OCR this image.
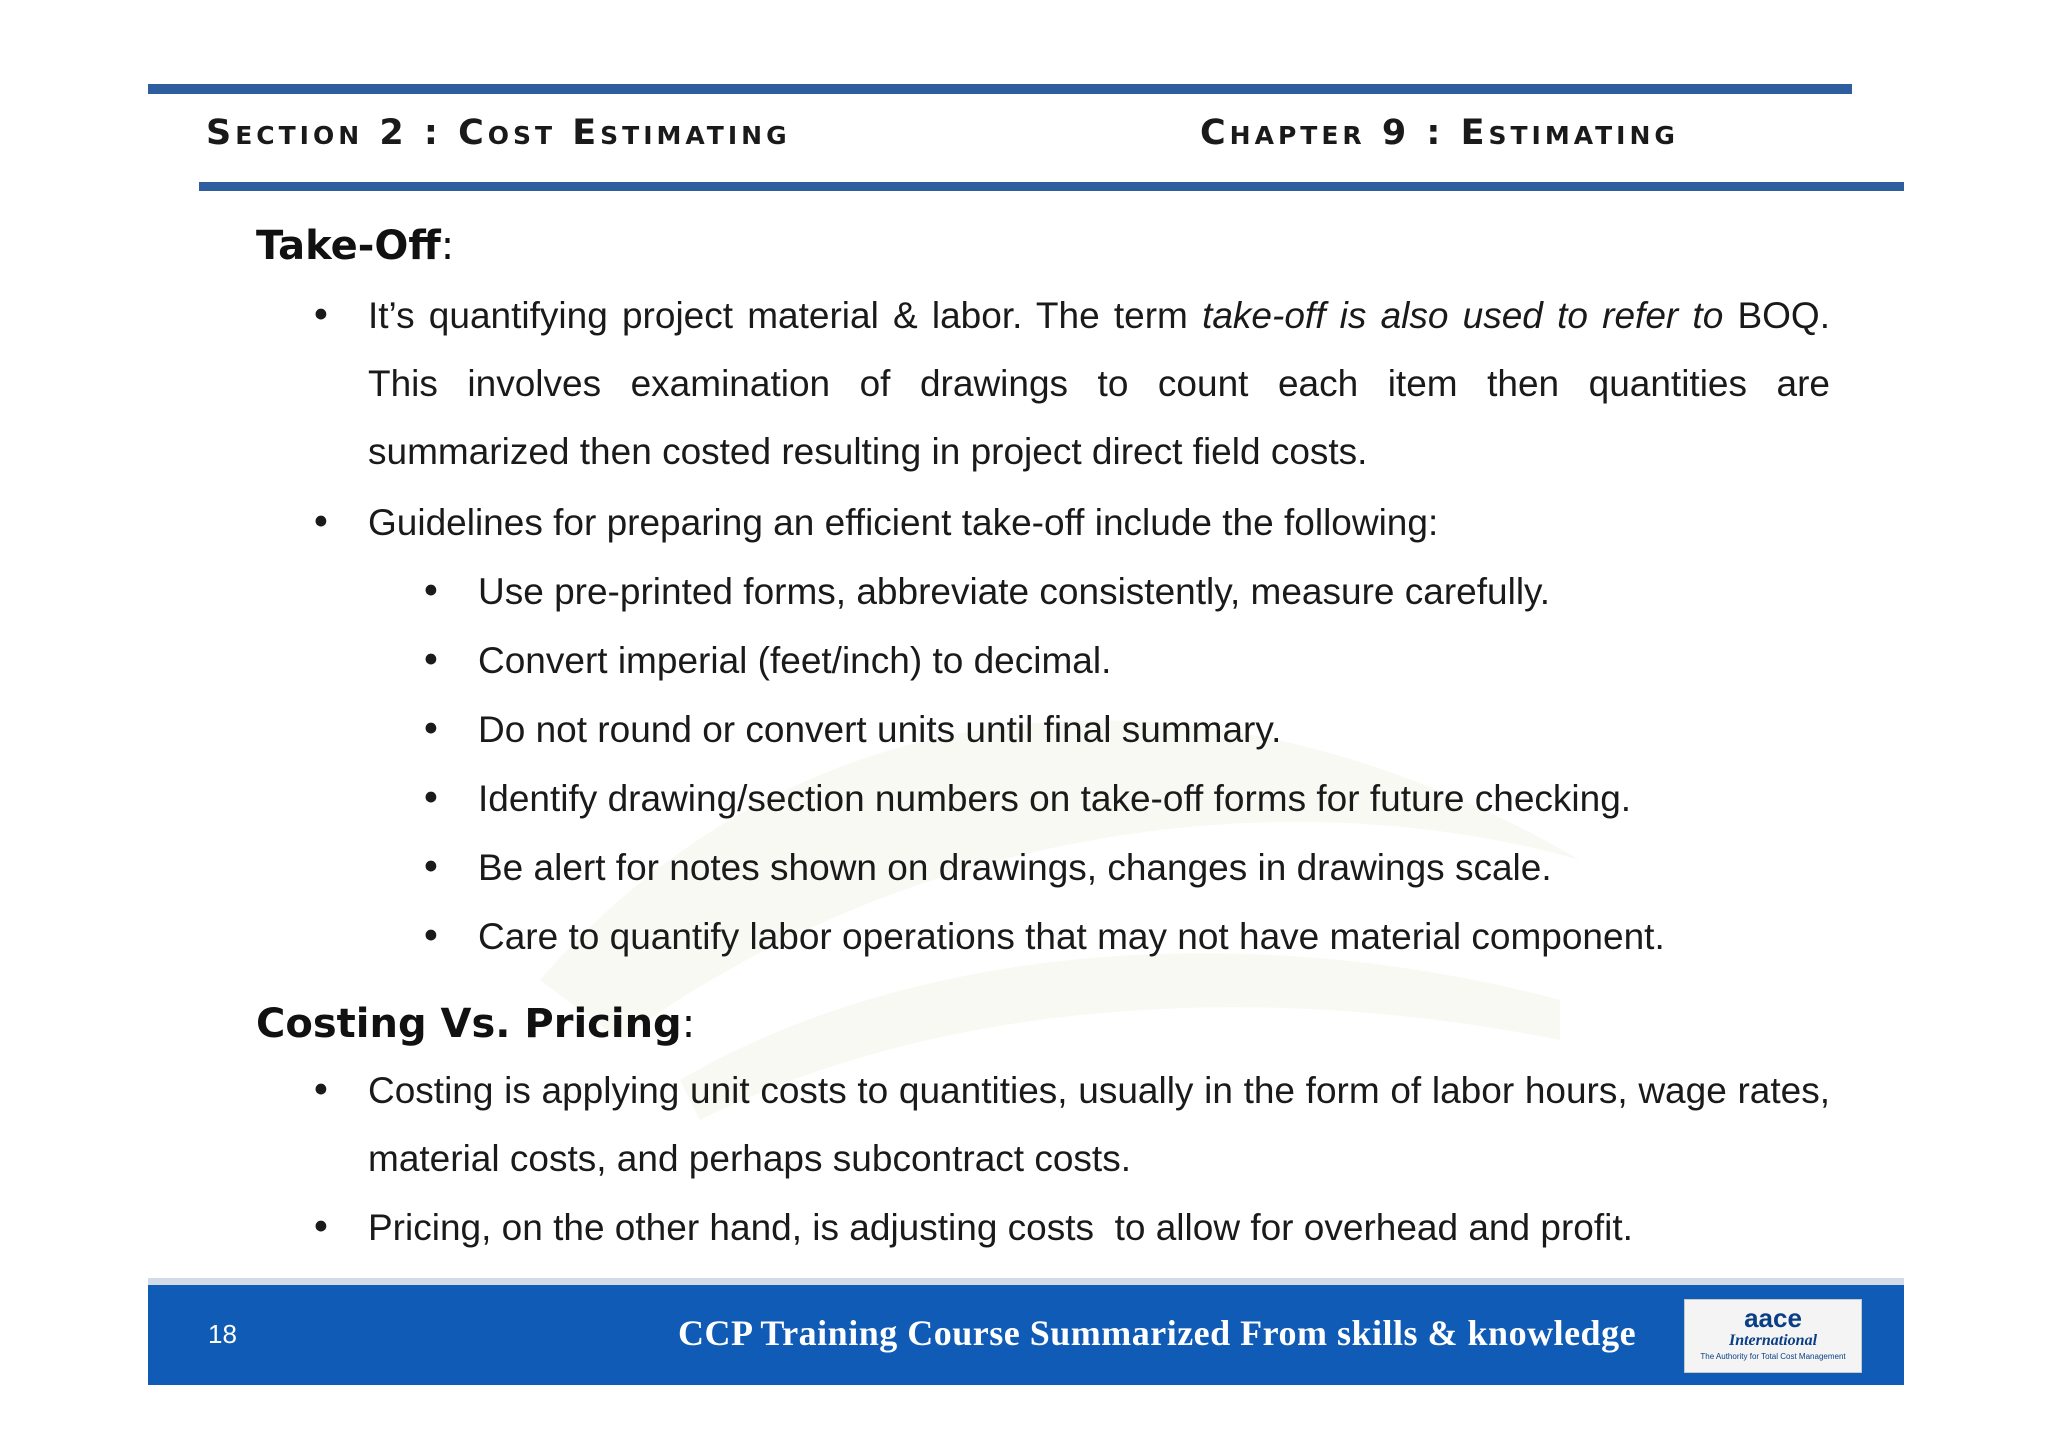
Section 2 : Cost Estimating	Chapter 9 : Estimating
Take-Off:
• It’s quantifying project material & labor. The term take-off is also used to refer to BOQ. This involves examination of drawings to count each item then quantities are summarized then costed resulting in project direct field costs.
• Guidelines for preparing an efficient take-off include the following:
• Use pre-printed forms, abbreviate consistently, measure carefully.
• Convert imperial (feet/inch) to decimal.
• Do not round or convert units until final summary.
• Identify drawing/section numbers on take-off forms for future checking.
• Be alert for notes shown on drawings, changes in drawings scale.
• Care to quantify labor operations that may not have material component.
Costing Vs. Pricing:
• Costing is applying unit costs to quantities, usually in the form of labor hours, wage rates, material costs, and perhaps subcontract costs.
• Pricing, on the other hand, is adjusting costs  to allow for overhead and profit.
18	CCP Training Course Summarized From skills & knowledge	aace
International
The Authority for Total Cost Management
